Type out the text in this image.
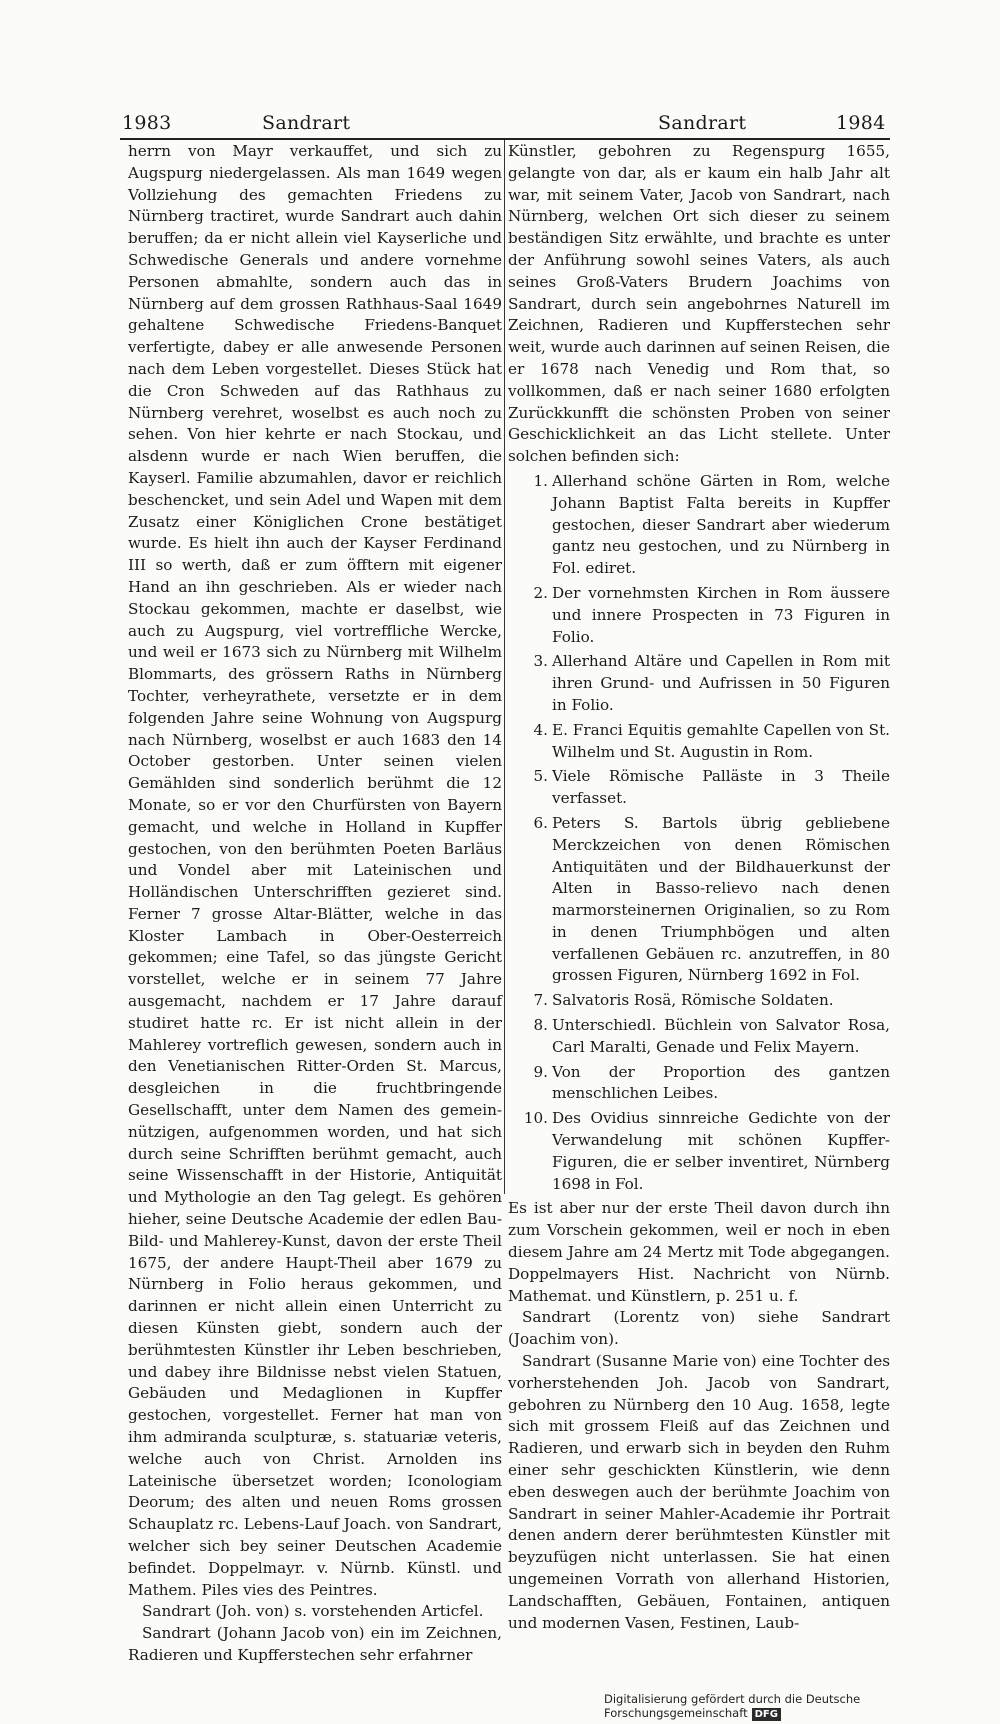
1983	Sandrart	Sandrart	1984

herrn von Mayr verkauffet, und sich zu Augspurg niedergelassen. Als man 1649 wegen Vollziehung des gemachten Friedens zu Nürnberg tractiret, wurde Sandrart auch dahin beruffen; da er nicht allein viel Kayserliche und Schwedische Generals und andere vornehme Personen abmahlte, sondern auch das in Nürnberg auf dem grossen Rathhaus-Saal 1649 gehaltene Schwedische Friedens-Banquet verfertigte, dabey er alle anwesende Personen nach dem Leben vorgestellet. Dieses Stück hat die Cron Schweden auf das Rathhaus zu Nürnberg verehret, woselbst es auch noch zu sehen. Von hier kehrte er nach Stockau, und alsdenn wurde er nach Wien beruffen, die Kayserl. Familie abzumahlen, davor er reichlich beschencket, und sein Adel und Wapen mit dem Zusatz einer Königlichen Crone bestätiget wurde. Es hielt ihn auch der Kayser Ferdinand III so werth, daß er zum öfftern mit eigener Hand an ihn geschrieben. Als er wieder nach Stockau gekommen, machte er daselbst, wie auch zu Augspurg, viel vortreffliche Wercke, und weil er 1673 sich zu Nürnberg mit Wilhelm Blommarts, des grössern Raths in Nürnberg Tochter, verheyrathete, versetzte er in dem folgenden Jahre seine Wohnung von Augspurg nach Nürnberg, woselbst er auch 1683 den 14 October gestorben. Unter seinen vielen Gemählden sind sonderlich berühmt die 12 Monate, so er vor den Churfürsten von Bayern gemacht, und welche in Holland in Kupffer gestochen, von den berühmten Poeten Barläus und Vondel aber mit Lateinischen und Holländischen Unterschrifften gezieret sind. Ferner 7 grosse Altar-Blätter, welche in das Kloster Lambach in Ober-Oesterreich gekommen; eine Tafel, so das jüngste Gericht vorstellet, welche er in seinem 77 Jahre ausgemacht, nachdem er 17 Jahre darauf studiret hatte rc. Er ist nicht allein in der Mahlerey vortreflich gewesen, sondern auch in den Venetianischen Ritter-Orden St. Marcus, desgleichen in die fruchtbringende Gesellschafft, unter dem Namen des gemein-nützigen, aufgenommen worden, und hat sich durch seine Schrifften berühmt gemacht, auch seine Wissenschafft in der Historie, Antiquität und Mythologie an den Tag gelegt. Es gehören hieher, seine Deutsche Academie der edlen Bau-Bild- und Mahlerey-Kunst, davon der erste Theil 1675, der andere Haupt-Theil aber 1679 zu Nürnberg in Folio heraus gekommen, und darinnen er nicht allein einen Unterricht zu diesen Künsten giebt, sondern auch der berühmtesten Künstler ihr Leben beschrieben, und dabey ihre Bildnisse nebst vielen Statuen, Gebäuden und Medaglionen in Kupffer gestochen, vorgestellet. Ferner hat man von ihm admiranda sculpturæ, s. statuariæ veteris, welche auch von Christ. Arnolden ins Lateinische übersetzet worden; Iconologiam Deorum; des alten und neuen Roms grossen Schauplatz rc. Lebens-Lauf Joach. von Sandrart, welcher sich bey seiner Deutschen Academie befindet. Doppelmayr. v. Nürnb. Künstl. und Mathem. Piles vies des Peintres.

Sandrart (Joh. von) s. vorstehenden Articfel.

Sandrart (Johann Jacob von) ein im Zeichnen, Radieren und Kupfferstechen sehr erfahrner

Künstler, gebohren zu Regenspurg 1655, gelangte von dar, als er kaum ein halb Jahr alt war, mit seinem Vater, Jacob von Sandrart, nach Nürnberg, welchen Ort sich dieser zu seinem beständigen Sitz erwählte, und brachte es unter der Anführung sowohl seines Vaters, als auch seines Groß-Vaters Brudern Joachims von Sandrart, durch sein angebohrnes Naturell im Zeichnen, Radieren und Kupfferstechen sehr weit, wurde auch darinnen auf seinen Reisen, die er 1678 nach Venedig und Rom that, so vollkommen, daß er nach seiner 1680 erfolgten Zurückkunfft die schönsten Proben von seiner Geschicklichkeit an das Licht stellete. Unter solchen befinden sich:

1. Allerhand schöne Gärten in Rom, welche Johann Baptist Falta bereits in Kupffer gestochen, dieser Sandrart aber wiederum gantz neu gestochen, und zu Nürnberg in Fol. ediret.
2. Der vornehmsten Kirchen in Rom äussere und innere Prospecten in 73 Figuren in Folio.
3. Allerhand Altäre und Capellen in Rom mit ihren Grund- und Aufrissen in 50 Figuren in Folio.
4. E. Franci Equitis gemahlte Capellen von St. Wilhelm und St. Augustin in Rom.
5. Viele Römische Palläste in 3 Theile verfasset.
6. Peters S. Bartols übrig gebliebene Merckzeichen von denen Römischen Antiquitäten und der Bildhauerkunst der Alten in Basso-relievo nach denen marmorsteinernen Originalien, so zu Rom in denen Triumphbögen und alten verfallenen Gebäuen rc. anzutreffen, in 80 grossen Figuren, Nürnberg 1692 in Fol.
7. Salvatoris Rosä, Römische Soldaten.
8. Unterschiedl. Büchlein von Salvator Rosa, Carl Maralti, Genade und Felix Mayern.
9. Von der Proportion des gantzen menschlichen Leibes.
10. Des Ovidius sinnreiche Gedichte von der Verwandelung mit schönen Kupffer-Figuren, die er selber inventiret, Nürnberg 1698 in Fol.

Es ist aber nur der erste Theil davon durch ihn zum Vorschein gekommen, weil er noch in eben diesem Jahre am 24 Mertz mit Tode abgegangen. Doppelmayers Hist. Nachricht von Nürnb. Mathemat. und Künstlern, p. 251 u. f.

Sandrart (Lorentz von) siehe Sandrart (Joachim von).

Sandrart (Susanne Marie von) eine Tochter des vorherstehenden Joh. Jacob von Sandrart, gebohren zu Nürnberg den 10 Aug. 1658, legte sich mit grossem Fleiß auf das Zeichnen und Radieren, und erwarb sich in beyden den Ruhm einer sehr geschickten Künstlerin, wie denn eben deswegen auch der berühmte Joachim von Sandrart in seiner Mahler-Academie ihr Portrait denen andern derer berühmtesten Künstler mit beyzufügen nicht unterlassen. Sie hat einen ungemeinen Vorrath von allerhand Historien, Landschafften, Gebäuen, Fontainen, antiquen und modernen Vasen, Festinen, Laub-

Digitalisierung gefördert durch die Deutsche Forschungsgemeinschaft DFG
